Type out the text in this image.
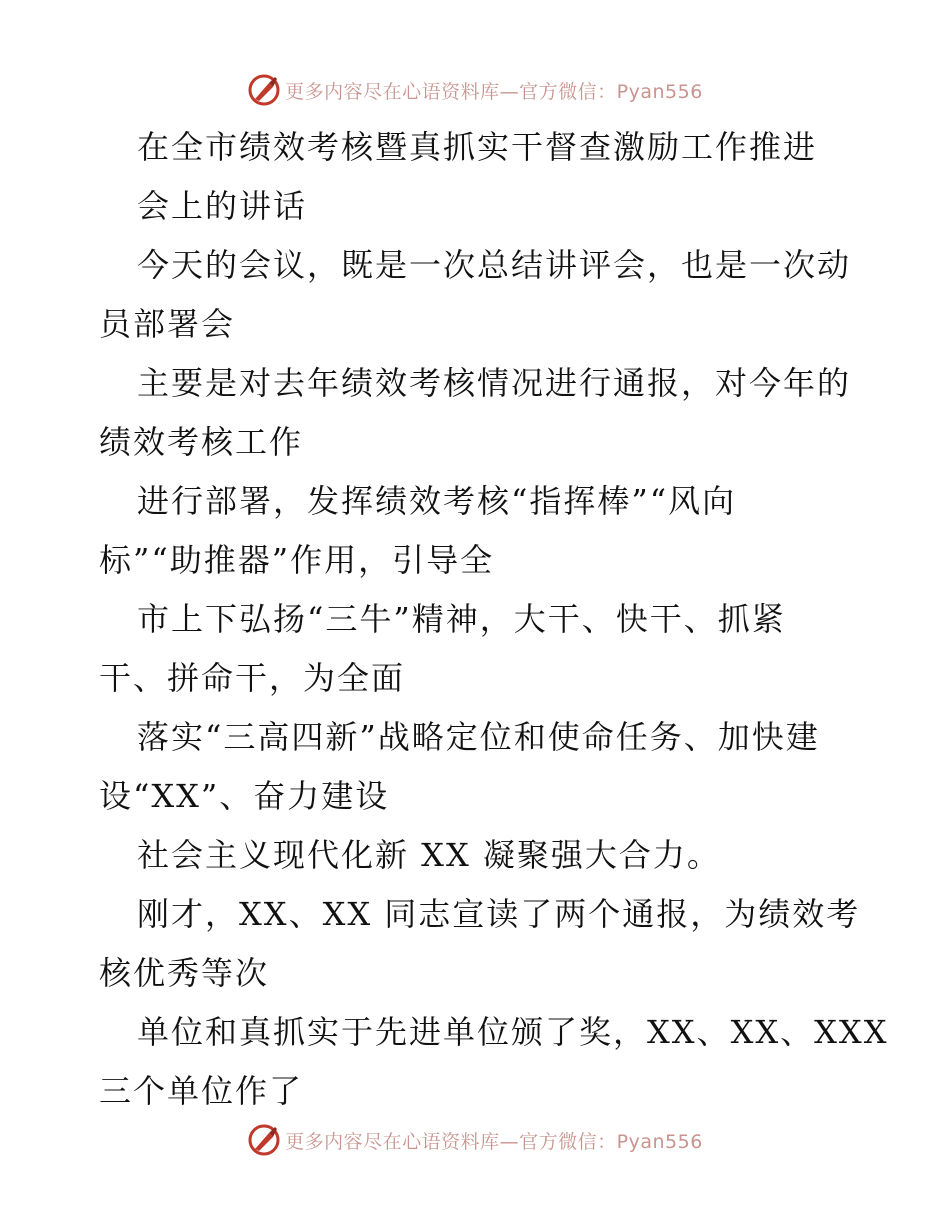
更多内容尽在心语资料库—官方微信：Pyan556
在全市绩效考核暨真抓实干督查激励工作推进
会上的讲话
今天的会议，既是一次总结讲评会，也是一次动
员部署会
主要是对去年绩效考核情况进行通报，对今年的
绩效考核工作
进行部署，发挥绩效考核“指挥棒”“风向
标”“助推器”作用，引导全
市上下弘扬“三牛”精神，大干、快干、抓紧
干、拼命干，为全面
落实“三高四新”战略定位和使命任务、加快建
设“XX”、奋力建设
社会主义现代化新 XX 凝聚强大合力。
刚才，XX、XX 同志宣读了两个通报，为绩效考
核优秀等次
单位和真抓实于先进单位颁了奖，XX、XX、XXX
三个单位作了
更多内容尽在心语资料库—官方微信：Pyan556
